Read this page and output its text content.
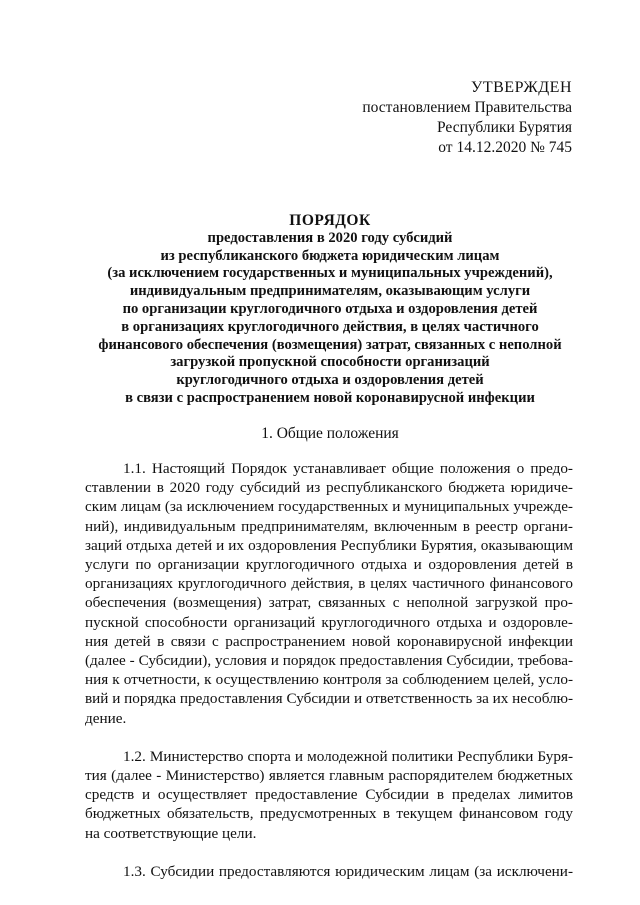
УТВЕРЖДЕН
постановлением Правительства
Республики Бурятия
от 14.12.2020 № 745
ПОРЯДОК
предоставления в 2020 году субсидий
из республиканского бюджета юридическим лицам
(за исключением государственных и муниципальных учреждений),
индивидуальным предпринимателям, оказывающим услуги
по организации круглогодичного отдыха и оздоровления детей
в организациях круглогодичного действия, в целях частичного
финансового обеспечения (возмещения) затрат, связанных с неполной
загрузкой пропускной способности организаций
круглогодичного отдыха и оздоровления детей
в связи с распространением новой коронавирусной инфекции
1. Общие положения

1.1. Настоящий Порядок устанавливает общие положения о предо-
ставлении в 2020 году субсидий из республиканского бюджета юридиче-
ским лицам (за исключением государственных и муниципальных учрежде-
ний), индивидуальным предпринимателям, включенным в реестр органи-
заций отдыха детей и их оздоровления Республики Бурятия, оказывающим
услуги по организации круглогодичного отдыха и оздоровления детей в
организациях круглогодичного действия, в целях частичного финансового
обеспечения (возмещения) затрат, связанных с неполной загрузкой про-
пускной способности организаций круглогодичного отдыха и оздоровле-
ния детей в связи с распространением новой коронавирусной инфекции
(далее - Субсидии), условия и порядок предоставления Субсидии, требова-
ния к отчетности, к осуществлению контроля за соблюдением целей, усло-
вий и порядка предоставления Субсидии и ответственность за их несоблю-
дение.

1.2. Министерство спорта и молодежной политики Республики Буря-
тия (далее - Министерство) является главным распорядителем бюджетных
средств и осуществляет предоставление Субсидии в пределах лимитов
бюджетных обязательств, предусмотренных в текущем финансовом году
на соответствующие цели.

1.3. Субсидии предоставляются юридическим лицам (за исключени-
